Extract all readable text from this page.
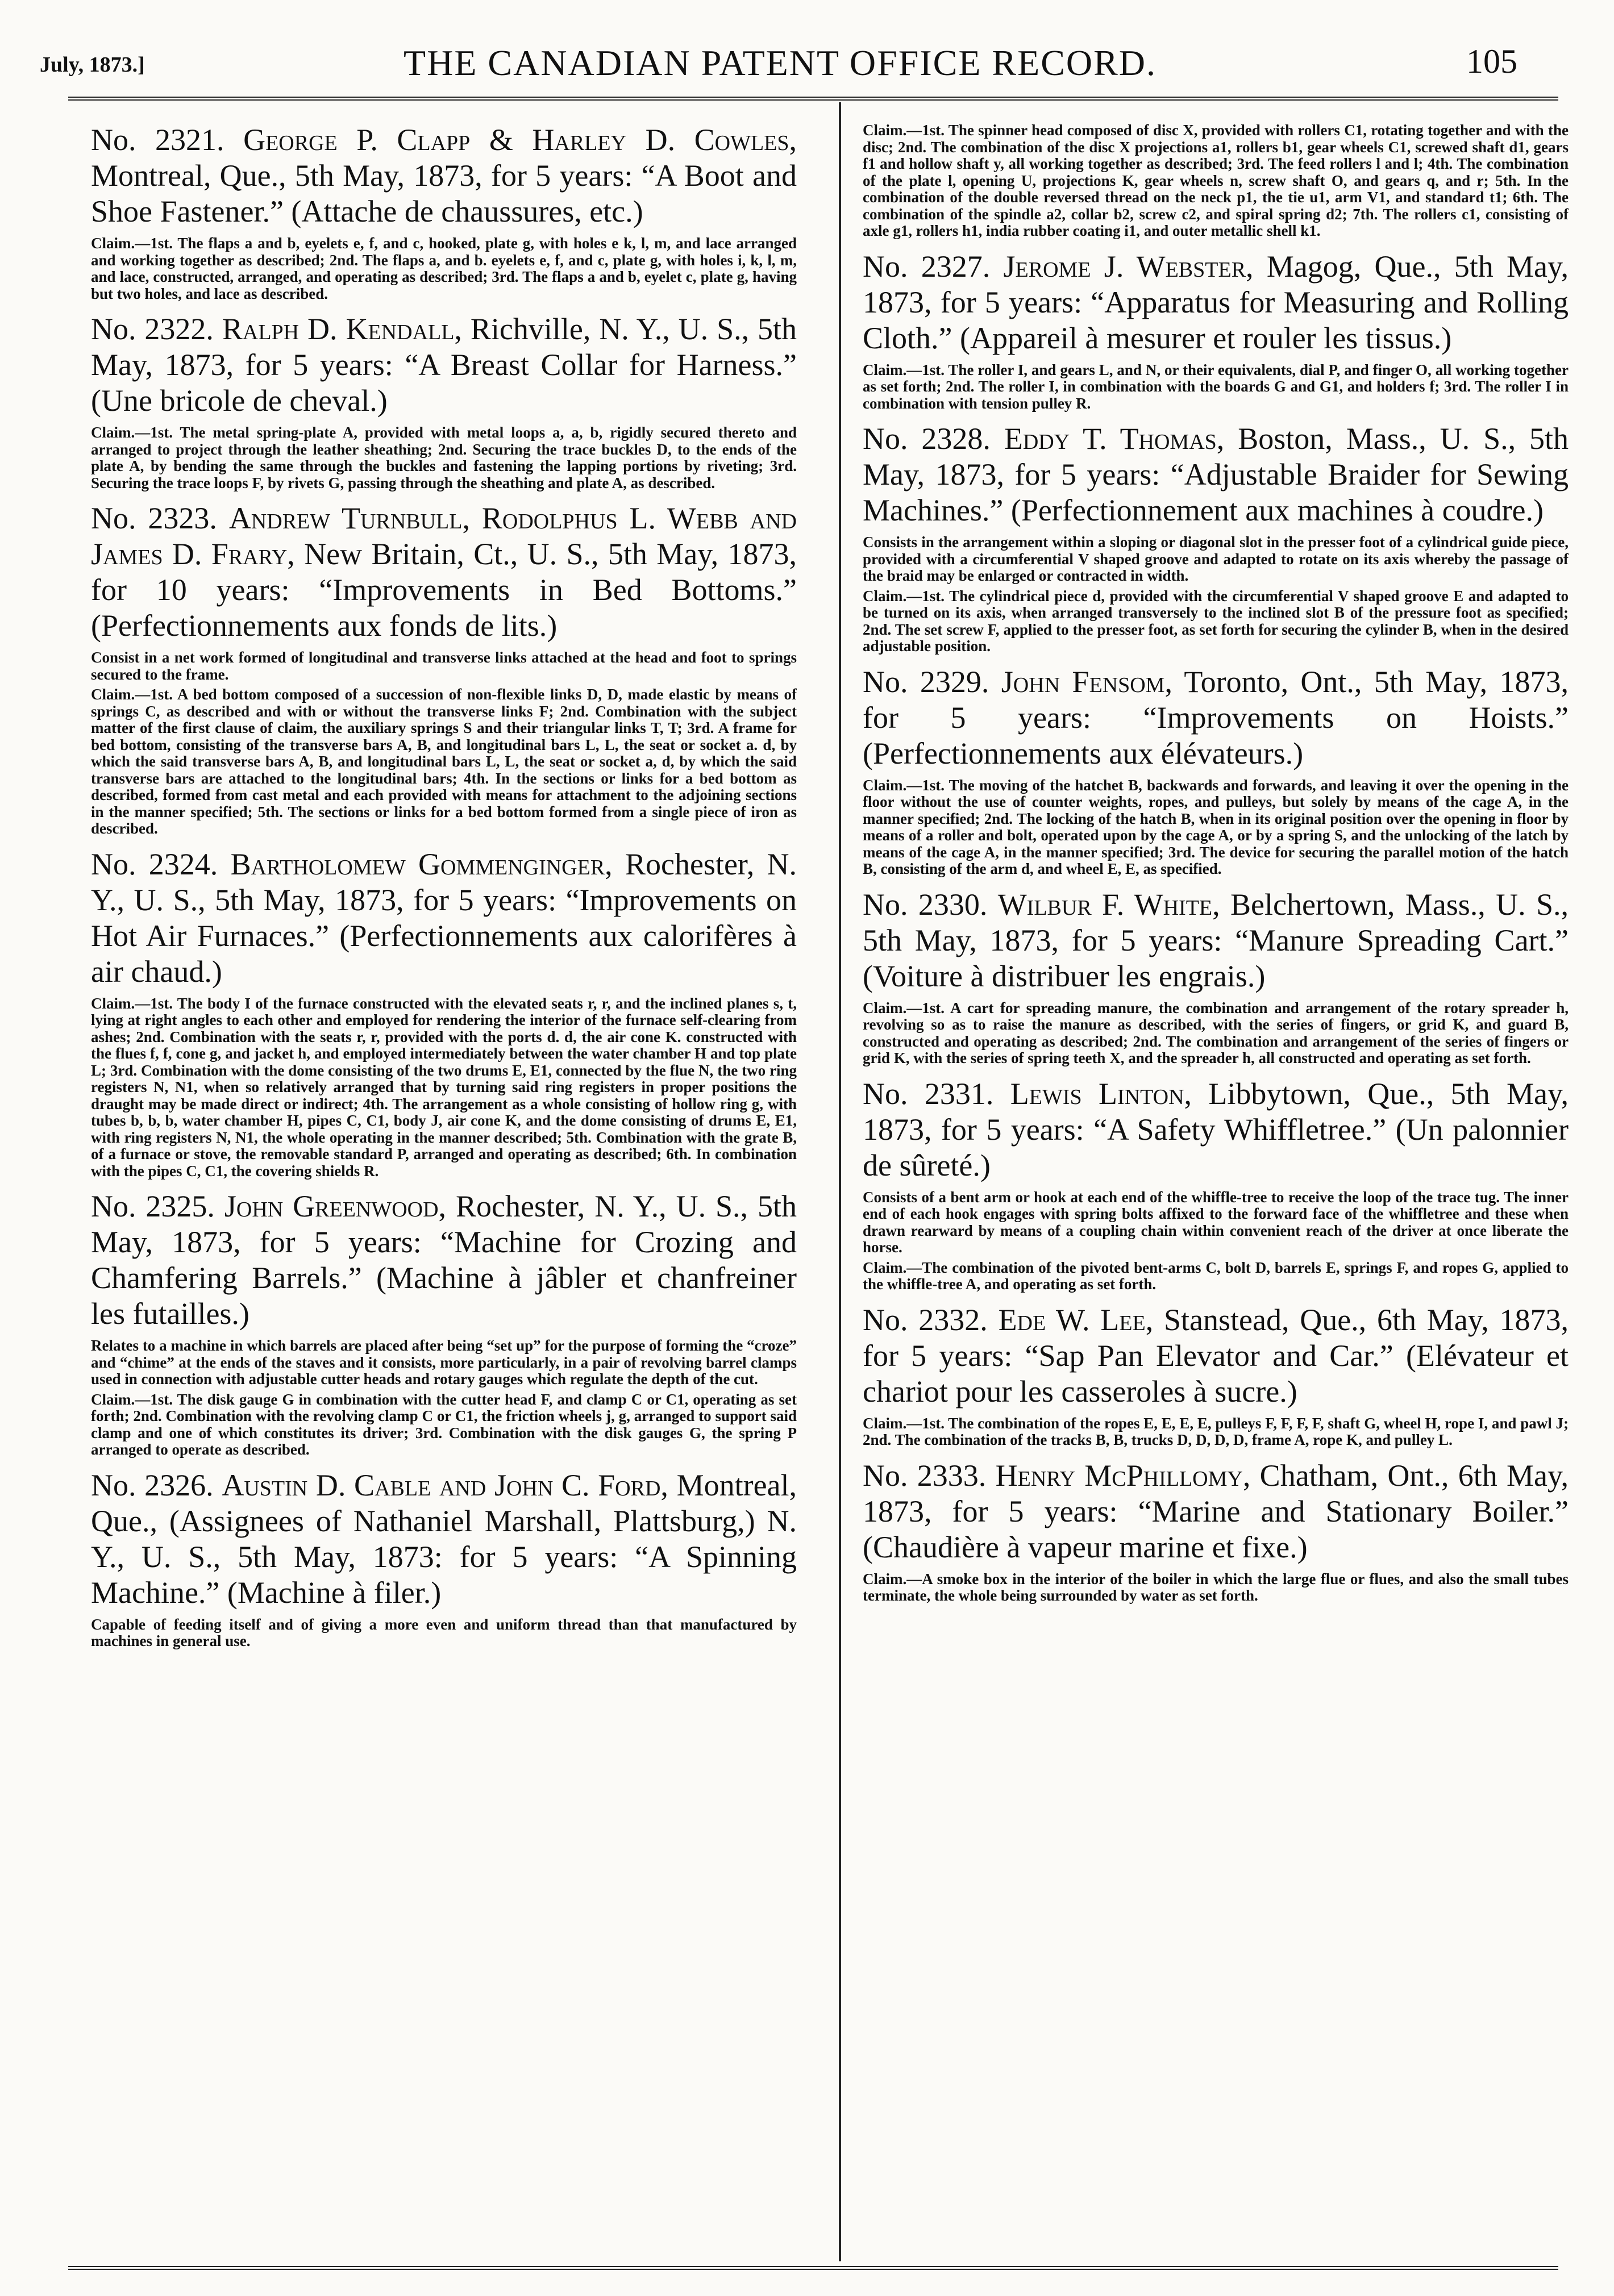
July, 1873.]	THE CANADIAN PATENT OFFICE RECORD.	105

No. 2321. George P. Clapp & Harley D. Cowles, Montreal, Que., 5th May, 1873, for 5 years: “A Boot and Shoe Fastener.” (Attache de chaussures, etc.)

Claim.—1st. The flaps a and b, eyelets e, f, and c, hooked, plate g, with holes e k, l, m, and lace arranged and working together as described; 2nd. The flaps a, and b. eyelets e, f, and c, plate g, with holes i, k, l, m, and lace, constructed, arranged, and operating as described; 3rd. The flaps a and b, eyelet c, plate g, having but two holes, and lace as described.

No. 2322. Ralph D. Kendall, Richville, N. Y., U. S., 5th May, 1873, for 5 years: “A Breast Collar for Harness.” (Une bricole de cheval.)

Claim.—1st. The metal spring-plate A, provided with metal loops a, a, b, rigidly secured thereto and arranged to project through the leather sheathing; 2nd. Securing the trace buckles D, to the ends of the plate A, by bending the same through the buckles and fastening the lapping portions by riveting; 3rd. Securing the trace loops F, by rivets G, passing through the sheathing and plate A, as described.

No. 2323. Andrew Turnbull, Rodolphus L. Webb and James D. Frary, New Britain, Ct., U. S., 5th May, 1873, for 10 years: “Improvements in Bed Bottoms.” (Perfectionnements aux fonds de lits.)

Consist in a net work formed of longitudinal and transverse links attached at the head and foot to springs secured to the frame.

Claim.—1st. A bed bottom composed of a succession of non-flexible links D, D, made elastic by means of springs C, as described and with or without the transverse links F; 2nd. Combination with the subject matter of the first clause of claim, the auxiliary springs S and their triangular links T, T; 3rd. A frame for bed bottom, consisting of the transverse bars A, B, and longitudinal bars L, L, the seat or socket a. d, by which the said transverse bars A, B, and longitudinal bars L, L, the seat or socket a, d, by which the said transverse bars are attached to the longitudinal bars; 4th. In the sections or links for a bed bottom as described, formed from cast metal and each provided with means for attachment to the adjoining sections in the manner specified; 5th. The sections or links for a bed bottom formed from a single piece of iron as described.

No. 2324. Bartholomew Gommenginger, Rochester, N. Y., U. S., 5th May, 1873, for 5 years: “Improvements on Hot Air Furnaces.” (Perfectionnements aux calorifères à air chaud.)

Claim.—1st. The body I of the furnace constructed with the elevated seats r, r, and the inclined planes s, t, lying at right angles to each other and employed for rendering the interior of the furnace self-clearing from ashes; 2nd. Combination with the seats r, r, provided with the ports d. d, the air cone K. constructed with the flues f, f, cone g, and jacket h, and employed intermediately between the water chamber H and top plate L; 3rd. Combination with the dome consisting of the two drums E, E1, connected by the flue N, the two ring registers N, N1, when so relatively arranged that by turning said ring registers in proper positions the draught may be made direct or indirect; 4th. The arrangement as a whole consisting of hollow ring g, with tubes b, b, b, water chamber H, pipes C, C1, body J, air cone K, and the dome consisting of drums E, E1, with ring registers N, N1, the whole operating in the manner described; 5th. Combination with the grate B, of a furnace or stove, the removable standard P, arranged and operating as described; 6th. In combination with the pipes C, C1, the covering shields R.

No. 2325. John Greenwood, Rochester, N. Y., U. S., 5th May, 1873, for 5 years: “Machine for Crozing and Chamfering Barrels.” (Machine à jâbler et chanfreiner les futailles.)

Relates to a machine in which barrels are placed after being “set up” for the purpose of forming the “croze” and “chime” at the ends of the staves and it consists, more particularly, in a pair of revolving barrel clamps used in connection with adjustable cutter heads and rotary gauges which regulate the depth of the cut.

Claim.—1st. The disk gauge G in combination with the cutter head F, and clamp C or C1, operating as set forth; 2nd. Combination with the revolving clamp C or C1, the friction wheels j, g, arranged to support said clamp and one of which constitutes its driver; 3rd. Combination with the disk gauges G, the spring P arranged to operate as described.

No. 2326. Austin D. Cable and John C. Ford, Montreal, Que., (Assignees of Nathaniel Marshall, Plattsburg,) N. Y., U. S., 5th May, 1873: for 5 years: “A Spinning Machine.” (Machine à filer.)

Capable of feeding itself and of giving a more even and uniform thread than that manufactured by machines in general use.

Claim.—1st. The spinner head composed of disc X, provided with rollers C1, rotating together and with the disc; 2nd. The combination of the disc X projections a1, rollers b1, gear wheels C1, screwed shaft d1, gears f1 and hollow shaft y, all working together as described; 3rd. The feed rollers l and l; 4th. The combination of the plate l, opening U, projections K, gear wheels n, screw shaft O, and gears q, and r; 5th. In the combination of the double reversed thread on the neck p1, the tie u1, arm V1, and standard t1; 6th. The combination of the spindle a2, collar b2, screw c2, and spiral spring d2; 7th. The rollers c1, consisting of axle g1, rollers h1, india rubber coating i1, and outer metallic shell k1.

No. 2327. Jerome J. Webster, Magog, Que., 5th May, 1873, for 5 years: “Apparatus for Measuring and Rolling Cloth.” (Appareil à mesurer et rouler les tissus.)

Claim.—1st. The roller I, and gears L, and N, or their equivalents, dial P, and finger O, all working together as set forth; 2nd. The roller I, in combination with the boards G and G1, and holders f; 3rd. The roller I in combination with tension pulley R.

No. 2328. Eddy T. Thomas, Boston, Mass., U. S., 5th May, 1873, for 5 years: “Adjustable Braider for Sewing Machines.” (Perfectionnement aux machines à coudre.)

Consists in the arrangement within a sloping or diagonal slot in the presser foot of a cylindrical guide piece, provided with a circumferential V shaped groove and adapted to rotate on its axis whereby the passage of the braid may be enlarged or contracted in width.

Claim.—1st. The cylindrical piece d, provided with the circumferential V shaped groove E and adapted to be turned on its axis, when arranged transversely to the inclined slot B of the pressure foot as specified; 2nd. The set screw F, applied to the presser foot, as set forth for securing the cylinder B, when in the desired adjustable position.

No. 2329. John Fensom, Toronto, Ont., 5th May, 1873, for 5 years: “Improvements on Hoists.” (Perfectionnements aux élévateurs.)

Claim.—1st. The moving of the hatchet B, backwards and forwards, and leaving it over the opening in the floor without the use of counter weights, ropes, and pulleys, but solely by means of the cage A, in the manner specified; 2nd. The locking of the hatch B, when in its original position over the opening in floor by means of a roller and bolt, operated upon by the cage A, or by a spring S, and the unlocking of the latch by means of the cage A, in the manner specified; 3rd. The device for securing the parallel motion of the hatch B, consisting of the arm d, and wheel E, E, as specified.

No. 2330. Wilbur F. White, Belchertown, Mass., U. S., 5th May, 1873, for 5 years: “Manure Spreading Cart.” (Voiture à distribuer les engrais.)

Claim.—1st. A cart for spreading manure, the combination and arrangement of the rotary spreader h, revolving so as to raise the manure as described, with the series of fingers, or grid K, and guard B, constructed and operating as described; 2nd. The combination and arrangement of the series of fingers or grid K, with the series of spring teeth X, and the spreader h, all constructed and operating as set forth.

No. 2331. Lewis Linton, Libbytown, Que., 5th May, 1873, for 5 years: “A Safety Whiffletree.” (Un palonnier de sûreté.)

Consists of a bent arm or hook at each end of the whiffle-tree to receive the loop of the trace tug. The inner end of each hook engages with spring bolts affixed to the forward face of the whiffletree and these when drawn rearward by means of a coupling chain within convenient reach of the driver at once liberate the horse.

Claim.—The combination of the pivoted bent-arms C, bolt D, barrels E, springs F, and ropes G, applied to the whiffle-tree A, and operating as set forth.

No. 2332. Ede W. Lee, Stanstead, Que., 6th May, 1873, for 5 years: “Sap Pan Elevator and Car.” (Elévateur et chariot pour les casseroles à sucre.)

Claim.—1st. The combination of the ropes E, E, E, E, pulleys F, F, F, F, shaft G, wheel H, rope I, and pawl J; 2nd. The combination of the tracks B, B, trucks D, D, D, D, frame A, rope K, and pulley L.

No. 2333. Henry McPhillomy, Chatham, Ont., 6th May, 1873, for 5 years: “Marine and Stationary Boiler.” (Chaudière à vapeur marine et fixe.)

Claim.—A smoke box in the interior of the boiler in which the large flue or flues, and also the small tubes terminate, the whole being surrounded by water as set forth.
